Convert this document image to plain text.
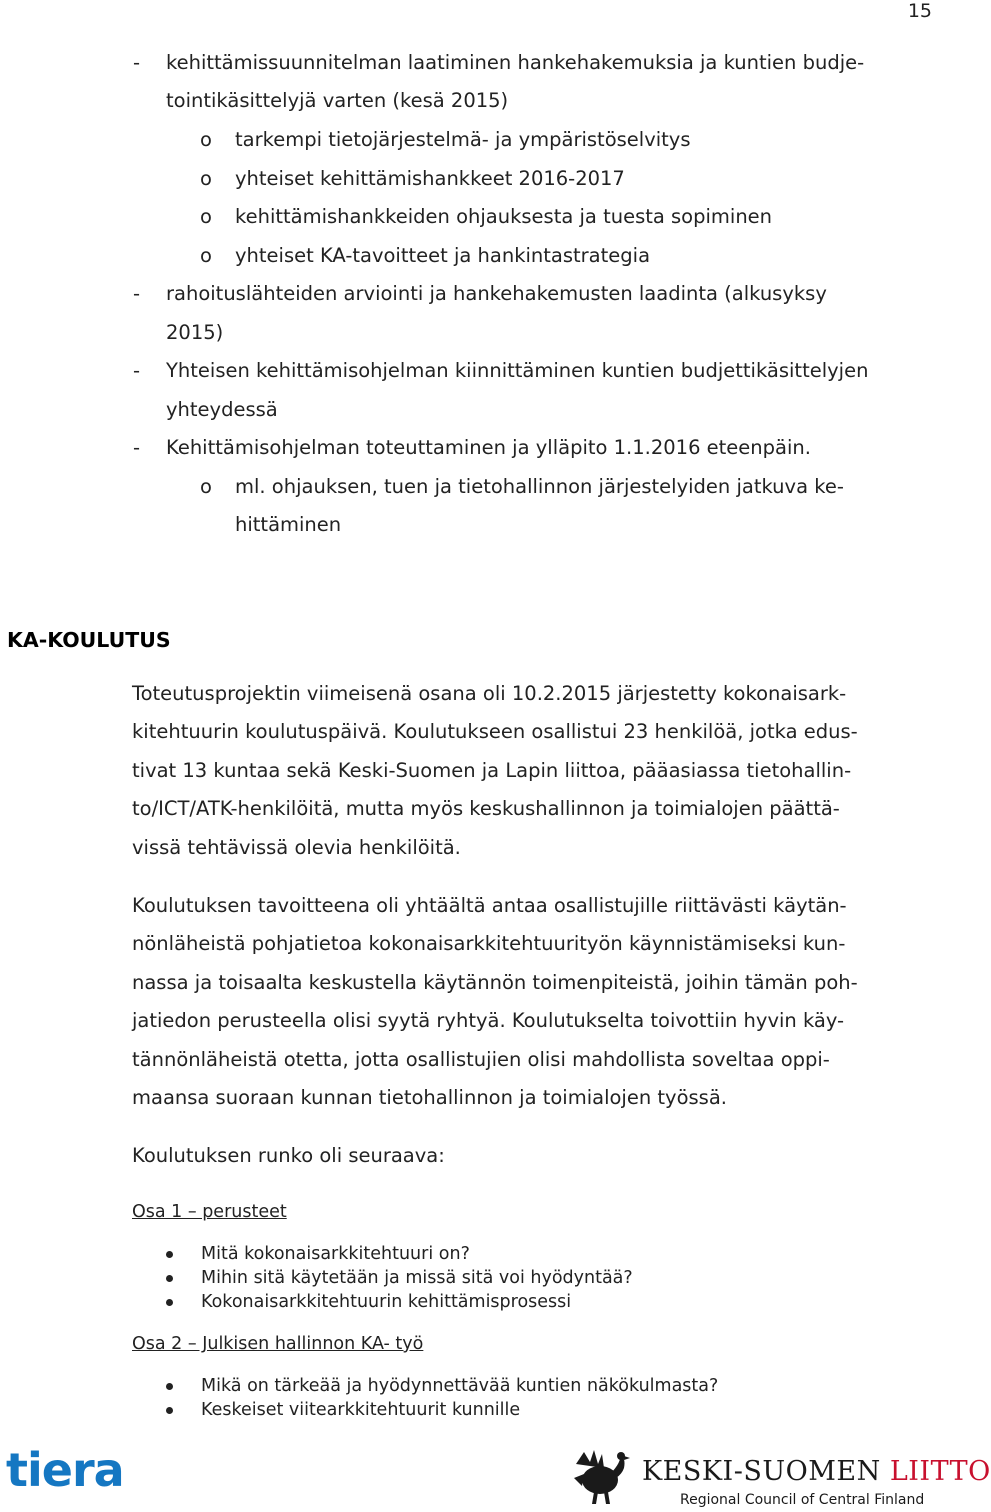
15
- kehittämissuunnitelman laatiminen hankehakemuksia ja kuntien budje-
tointikäsittelyjä varten (kesä 2015)
o tarkempi tietojärjestelmä- ja ympäristöselvitys
o yhteiset kehittämishankkeet 2016-2017
o kehittämishankkeiden ohjauksesta ja tuesta sopiminen
o yhteiset KA-tavoitteet ja hankintastrategia
- rahoituslähteiden arviointi ja hankehakemusten laadinta (alkusyksy
2015)
- Yhteisen kehittämisohjelman kiinnittäminen kuntien budjettikäsittelyjen
yhteydessä
- Kehittämisohjelman toteuttaminen ja ylläpito 1.1.2016 eteenpäin.
o ml. ohjauksen, tuen ja tietohallinnon järjestelyiden jatkuva ke-
hittäminen
KA-KOULUTUS
Toteutusprojektin viimeisenä osana oli 10.2.2015 järjestetty kokonaisark-
kitehtuurin koulutuspäivä. Koulutukseen osallistui 23 henkilöä, jotka edus-
tivat 13 kuntaa sekä Keski-Suomen ja Lapin liittoa, pääasiassa tietohallin-
to/ICT/ATK-henkilöitä, mutta myös keskushallinnon ja toimialojen päättä-
vissä tehtävissä olevia henkilöitä.
Koulutuksen tavoitteena oli yhtäältä antaa osallistujille riittävästi käytän-
nönläheistä pohjatietoa kokonaisarkkitehtuurityön käynnistämiseksi kun-
nassa ja toisaalta keskustella käytännön toimenpiteistä, joihin tämän poh-
jatiedon perusteella olisi syytä ryhtyä. Koulutukselta toivottiin hyvin käy-
tännönläheistä otetta, jotta osallistujien olisi mahdollista soveltaa oppi-
maansa suoraan kunnan tietohallinnon ja toimialojen työssä.
Koulutuksen runko oli seuraava:
Osa 1 – perusteet
Mitä kokonaisarkkitehtuuri on?
Mihin sitä käytetään ja missä sitä voi hyödyntää?
Kokonaisarkkitehtuurin kehittämisprosessi
Osa 2 – Julkisen hallinnon KA- työ
Mikä on tärkeää ja hyödynnettävää kuntien näkökulmasta?
Keskeiset viitearkkitehtuurit kunnille
tiera	KESKI-SUOMEN LIITTO
Regional Council of Central Finland
